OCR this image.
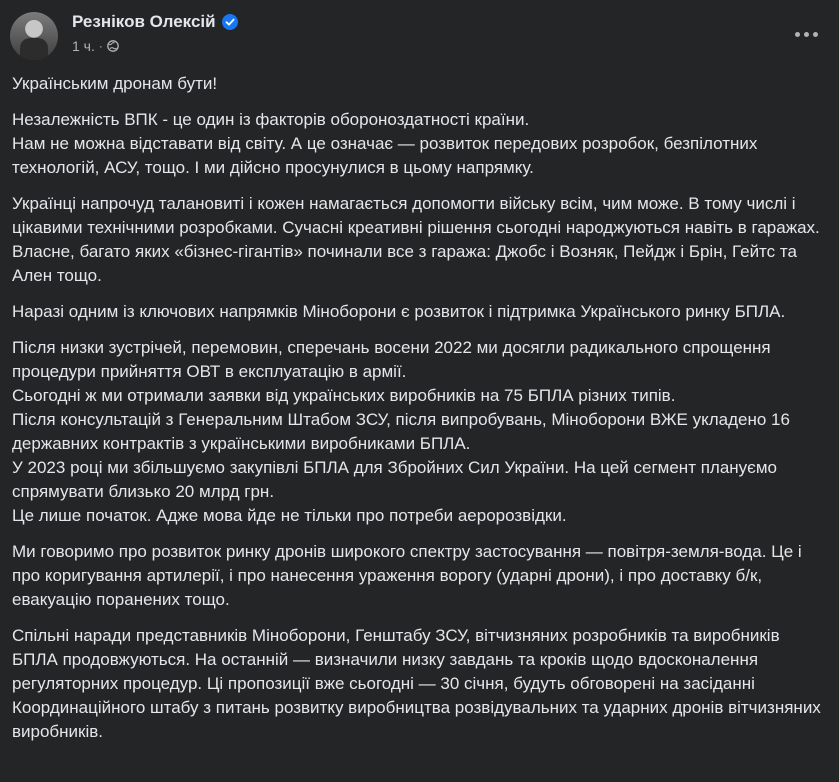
Резніков Олексій
1 ч. ·

Українським дронам бути!

Незалежність ВПК - це один із факторів обороноздатності країни.
Нам не можна відставати від світу. А це означає — розвиток передових розробок, безпілотних технологій, АСУ, тощо. І ми дійсно просунулися в цьому напрямку.

Українці напрочуд талановиті і кожен намагається допомогти війську всім, чим може. В тому числі і цікавими технічними розробками. Сучасні креативні рішення сьогодні народжуються навіть в гаражах. Власне, багато яких «бізнес-гігантів» починали все з гаража: Джобс і Возняк, Пейдж і Брін, Гейтс та Ален тощо.

Наразі одним із ключових напрямків Міноборони є розвиток і підтримка Українського ринку БПЛА.

Після низки зустрічей, перемовин, сперечань восени 2022 ми досягли радикального спрощення процедури прийняття ОВТ в експлуатацію в армії.
Сьогодні ж ми отримали заявки від українських виробників на 75 БПЛА різних типів.
Після консультацій з Генеральним Штабом ЗСУ, після випробувань, Міноборони ВЖЕ укладено 16 державних контрактів з українськими виробниками БПЛА.
У 2023 році ми збільшуємо закупівлі БПЛА для Збройних Сил України. На цей сегмент плануємо спрямувати близько 20 млрд грн.
Це лише початок. Адже мова йде не тільки про потреби аеророзвідки.

Ми говоримо про розвиток ринку дронів широкого спектру застосування — повітря-земля-вода. Це і про коригування артилерії, і про нанесення ураження ворогу (ударні дрони), і про доставку б/к, евакуацію поранених тощо.

Спільні наради представників Міноборони, Генштабу ЗСУ, вітчизняних розробників та виробників БПЛА продовжуються. На останній — визначили низку завдань та кроків щодо вдосконалення регуляторних процедур. Ці пропозиції вже сьогодні — 30 січня, будуть обговорені на засіданні Координаційного штабу з питань розвитку виробництва розвідувальних та ударних дронів вітчизняних виробників.
